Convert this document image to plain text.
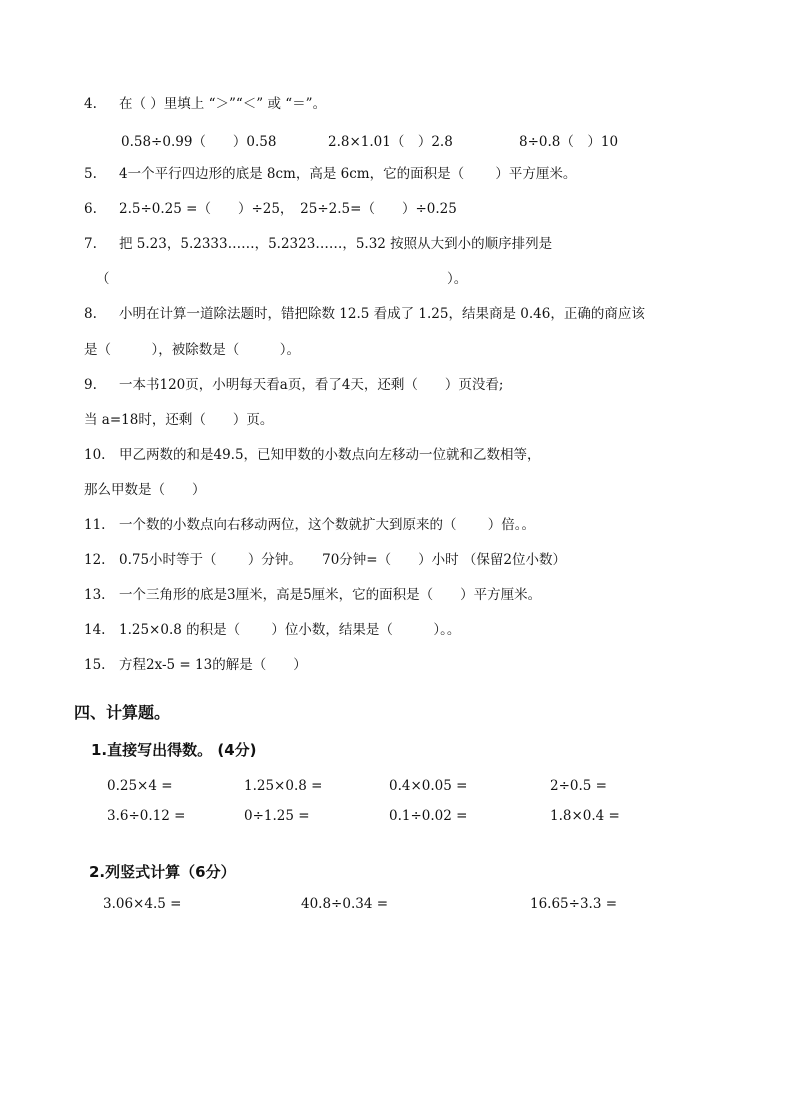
4. 在（ ）里填上 “＞”“＜” 或 “＝”。
0.58÷0.99（　　）0.58	2.8×1.01（　）2.8	8÷0.8（　）10
5. 4一个平行四边形的底是 8cm，高是 6cm，它的面积是（　　 ）平方厘米。
6. 2.5÷0.25 =（　　）÷25，　25÷2.5=（　　）÷0.25
7. 把 5.23，5.2333……，5.2323……，5.32 按照从大到小的顺序排列是
（　　　　　　　　　　　　　　　　　　　　　　　　　）。
8. 小明在计算一道除法题时，错把除数 12.5 看成了 1.25，结果商是 0.46，正确的商应该
是（　　　），被除数是（　　　）。
9. 一本书120页，小明每天看a页，看了4天，还剩（　　）页没看;
当 a=18时，还剩（　　）页。
10. 甲乙两数的和是49.5，已知甲数的小数点向左移动一位就和乙数相等，
那么甲数是（　　）
11. 一个数的小数点向右移动两位，这个数就扩大到原来的（　　 ）倍。。
12. 0.75小时等于（　　 ）分钟。　　70分钟=（　　）小时 （保留2位小数）
13. 一个三角形的底是3厘米，高是5厘米，它的面积是（　　）平方厘米。
14. 1.25×0.8 的积是（　　 ）位小数，结果是（　　　）。。
15. 方程2x-5 = 13的解是（　　）
四、计算题。
1.直接写出得数。 (4分)
0.25×4 =	1.25×0.8 =	0.4×0.05 =	2÷0.5 =
3.6÷0.12 =	0÷1.25 =	0.1÷0.02 =	1.8×0.4 =
2.列竖式计算（6分）
3.06×4.5 =	40.8÷0.34 =	16.65÷3.3 =
